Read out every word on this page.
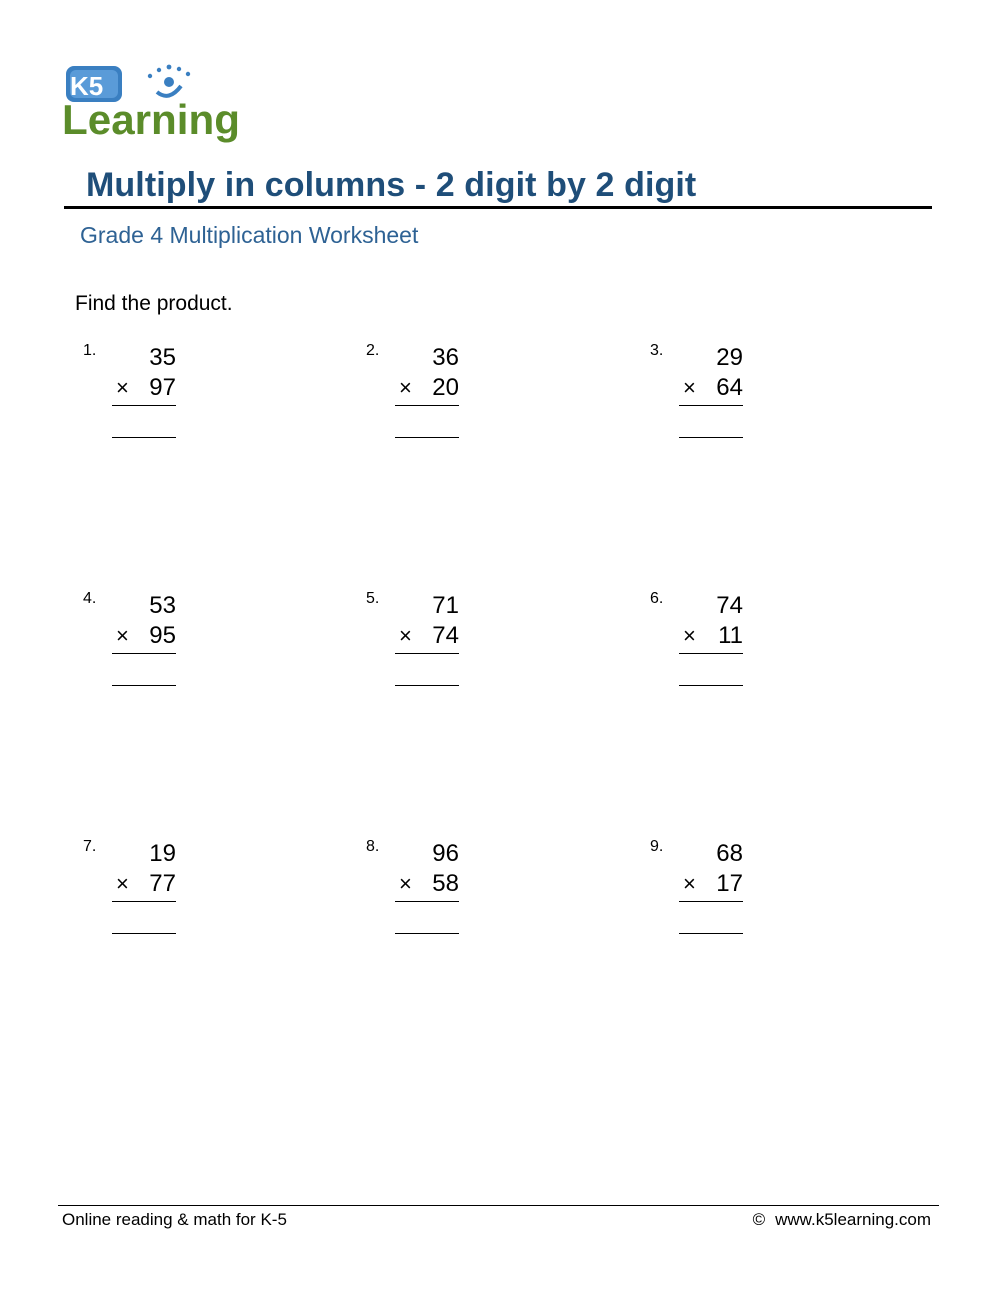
K5
Learning
Multiply in columns - 2 digit by 2 digit
Grade 4 Multiplication Worksheet
Find the product.
1.	35
× 97
2.	36
× 20
3.	29
× 64
4.	53
× 95
5.	71
× 74
6.	74
× 11
7.	19
× 77
8.	96
× 58
9.	68
× 17
Online reading & math for K-5	© www.k5learning.com
